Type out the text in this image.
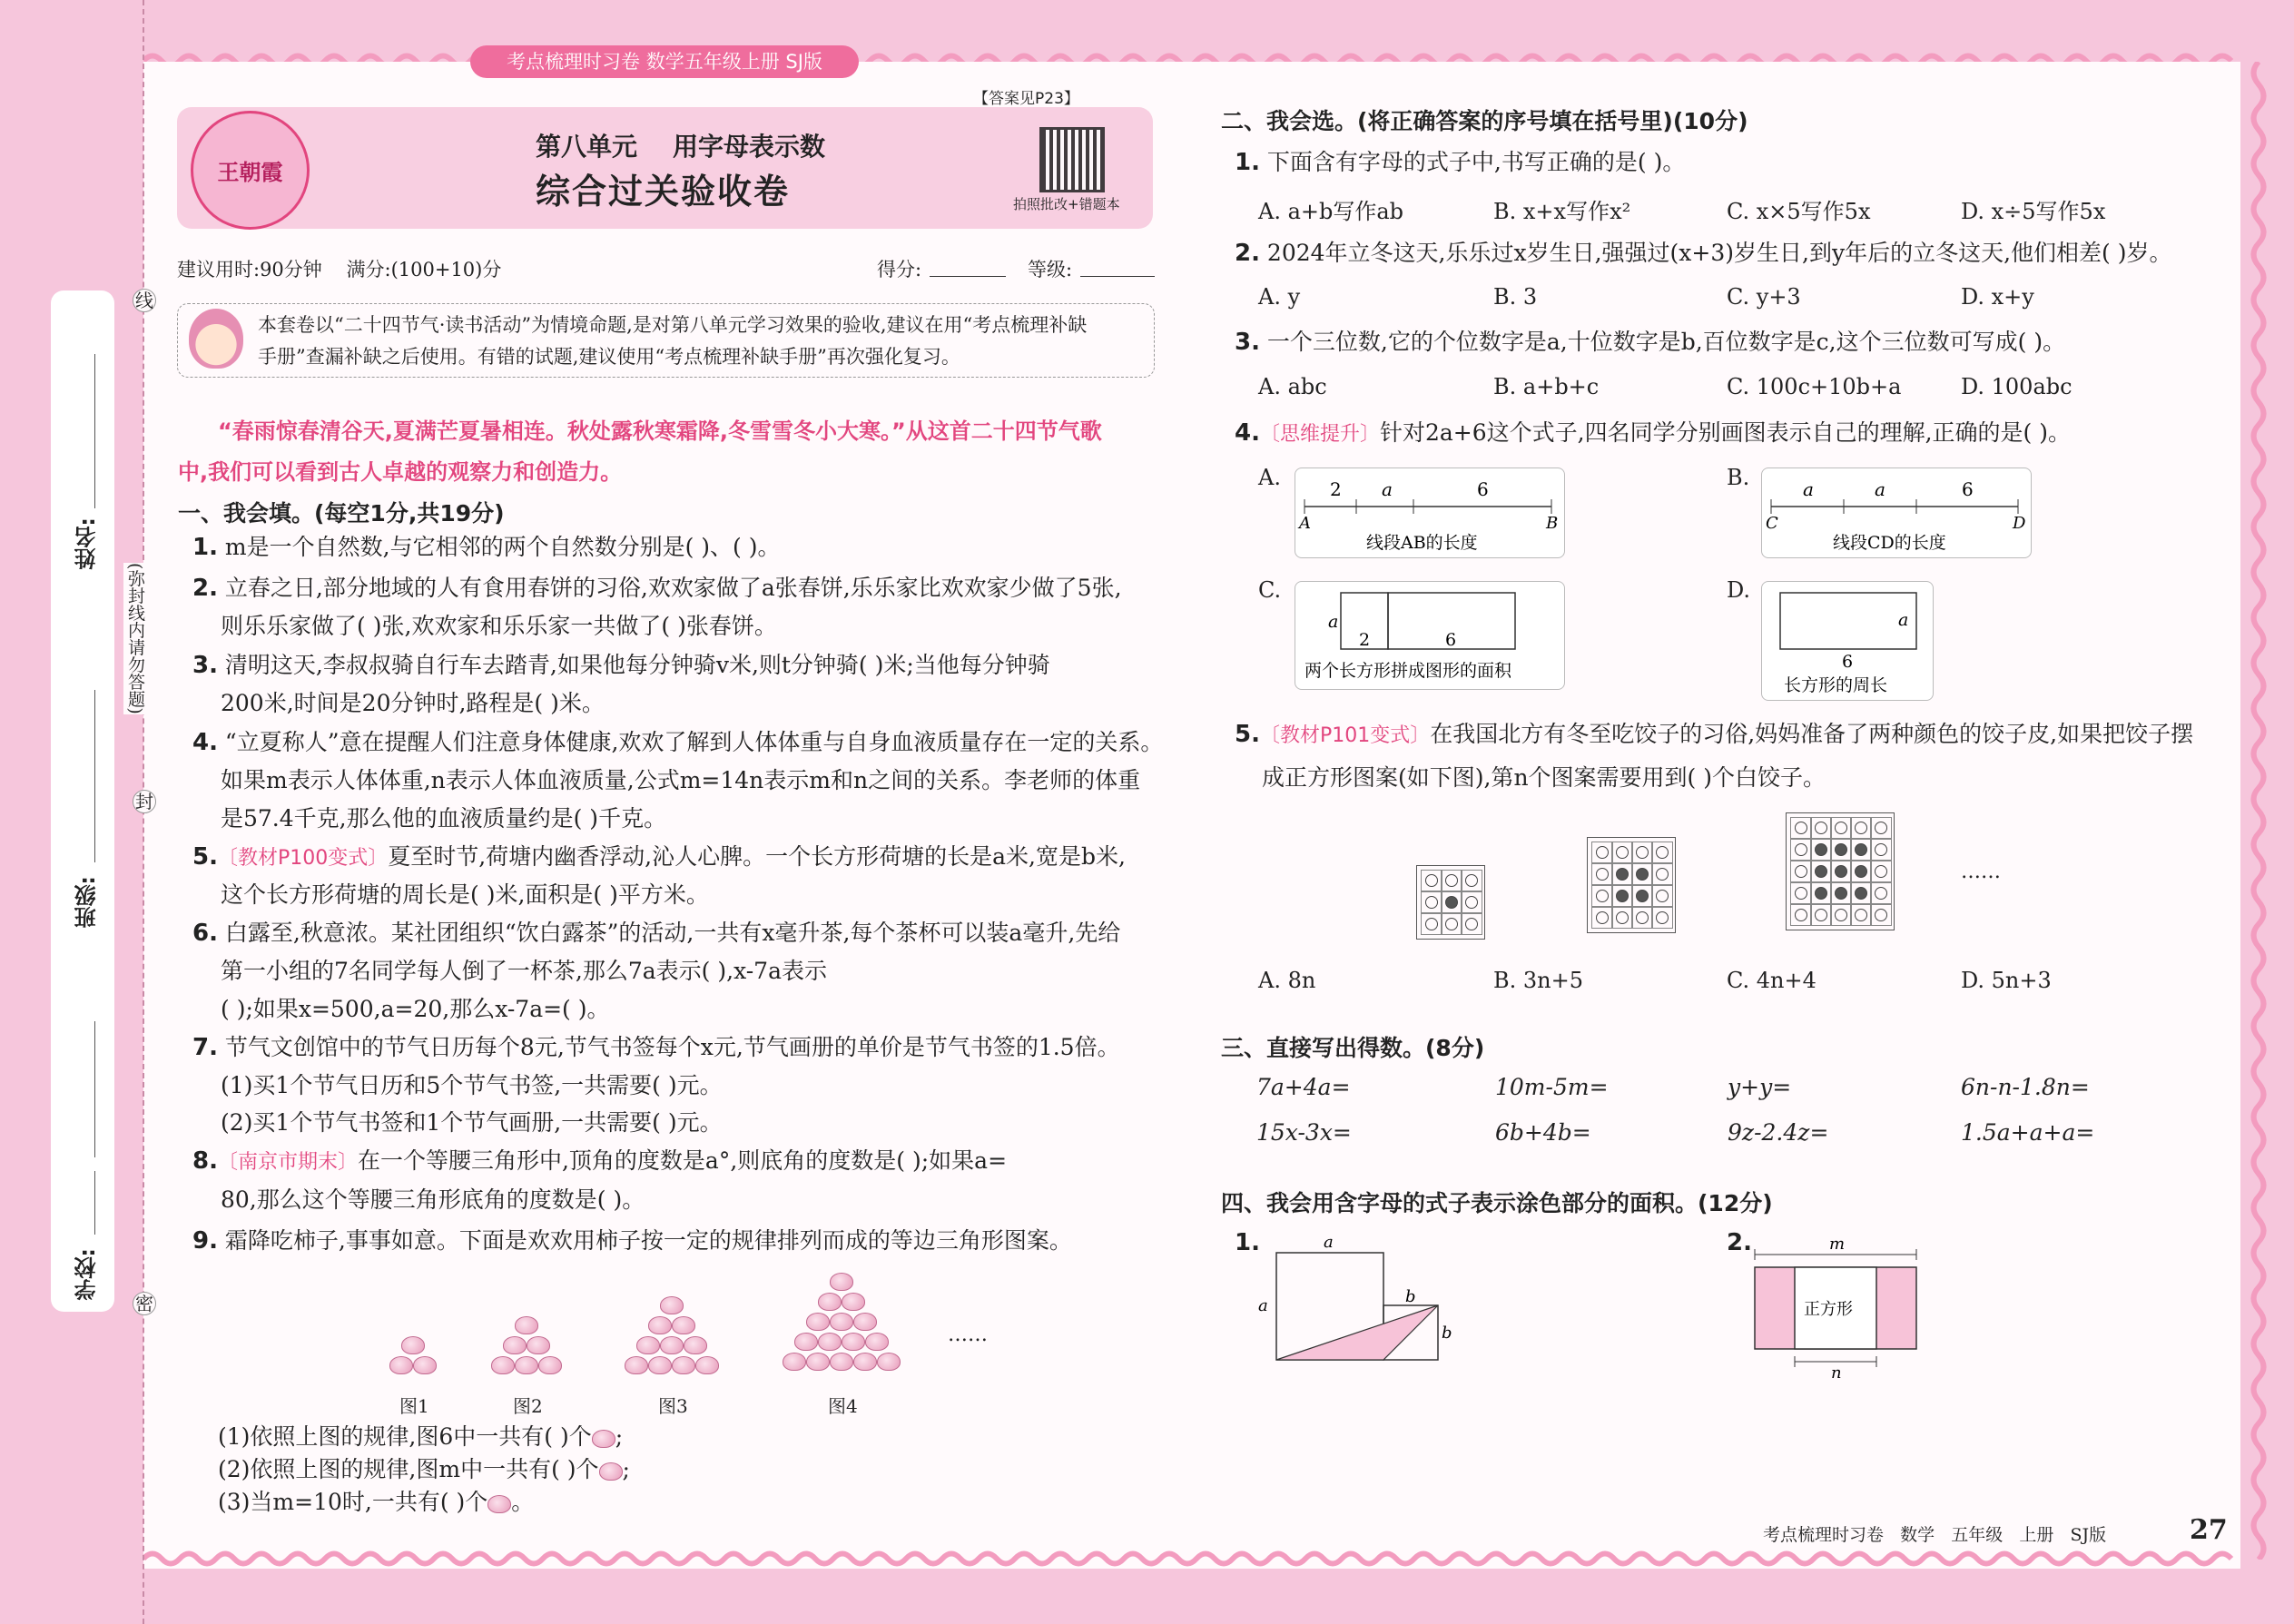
姓名:
班级:
学校:
线
封
密
(弥封线内请勿答题)
考点梳理时习卷 数学五年级上册 SJ版
王朝霞
【答案见P23】
第八单元    用字母表示数
综合过关验收卷	拍照批改+错题本
建议用时:90分钟    满分:(100+10)分	得分:	等级:
本套卷以“二十四节气·读书活动”为情境命题,是对第八单元学习效果的验收,建议在用“考点梳理补缺
手册”查漏补缺之后使用。有错的试题,建议使用“考点梳理补缺手册”再次强化复习。
“春雨惊春清谷天,夏满芒夏暑相连。秋处露秋寒霜降,冬雪雪冬小大寒。”从这首二十四节气歌
中,我们可以看到古人卓越的观察力和创造力。
一、我会填。(每空1分,共19分)
1. m是一个自然数,与它相邻的两个自然数分别是( )、( )。
2. 立春之日,部分地域的人有食用春饼的习俗,欢欢家做了a张春饼,乐乐家比欢欢家少做了5张,
则乐乐家做了( )张,欢欢家和乐乐家一共做了( )张春饼。
3. 清明这天,李叔叔骑自行车去踏青,如果他每分钟骑v米,则t分钟骑( )米;当他每分钟骑
200米,时间是20分钟时,路程是( )米。
4. “立夏称人”意在提醒人们注意身体健康,欢欢了解到人体体重与自身血液质量存在一定的关系。
如果m表示人体体重,n表示人体血液质量,公式m=14n表示m和n之间的关系。李老师的体重
是57.4千克,那么他的血液质量约是( )千克。
5.〔教材P100变式〕夏至时节,荷塘内幽香浮动,沁人心脾。一个长方形荷塘的长是a米,宽是b米,
这个长方形荷塘的周长是( )米,面积是( )平方米。
6. 白露至,秋意浓。某社团组织“饮白露茶”的活动,一共有x毫升茶,每个茶杯可以装a毫升,先给
第一小组的7名同学每人倒了一杯茶,那么7a表示( ),x-7a表示
( );如果x=500,a=20,那么x-7a=( )。
7. 节气文创馆中的节气日历每个8元,节气书签每个x元,节气画册的单价是节气书签的1.5倍。
(1)买1个节气日历和5个节气书签,一共需要( )元。
(2)买1个节气书签和1个节气画册,一共需要( )元。
8.〔南京市期末〕在一个等腰三角形中,顶角的度数是a°,则底角的度数是( );如果a=
80,那么这个等腰三角形底角的度数是( )。
9. 霜降吃柿子,事事如意。下面是欢欢用柿子按一定的规律排列而成的等边三角形图案。
……
图1	图2	图3	图4
(1)依照上图的规律,图6中一共有( )个 ;
(2)依照上图的规律,图m中一共有( )个 ;
(3)当m=10时,一共有( )个 。
二、我会选。(将正确答案的序号填在括号里)(10分)
1. 下面含有字母的式子中,书写正确的是( )。
A. a+b写作ab	B. x+x写作x²	C. x×5写作5x	D. x÷5写作5x
2. 2024年立冬这天,乐乐过x岁生日,强强过(x+3)岁生日,到y年后的立冬这天,他们相差( )岁。
A. y	B. 3	C. y+3	D. x+y
3. 一个三位数,它的个位数字是a,十位数字是b,百位数字是c,这个三位数可写成( )。
A. abc	B. a+b+c	C. 100c+10b+a	D. 100abc
4.〔思维提升〕针对2a+6这个式子,四名同学分别画图表示自己的理解,正确的是( )。
A.	2 a	6
A	B
线段AB的长度
B.	a	a	6
C	D
线段CD的长度
C.
a
2	6
两个长方形拼成图形的面积
D.
a
6
长方形的周长
5.〔教材P101变式〕在我国北方有冬至吃饺子的习俗,妈妈准备了两种颜色的饺子皮,如果把饺子摆
成正方形图案(如下图),第n个图案需要用到( )个白饺子。
……
A. 8n	B. 3n+5	C. 4n+4	D. 5n+3
三、直接写出得数。(8分)
7a+4a=	10m-5m=	y+y=	6n-n-1.8n=
15x-3x=	6b+4b=	9z-2.4z=	1.5a+a+a=
四、我会用含字母的式子表示涂色部分的面积。(12分)
1.	a
a	b
b
2.	m
正方形
n
考点梳理时习卷   数学   五年级   上册   SJ版	27
